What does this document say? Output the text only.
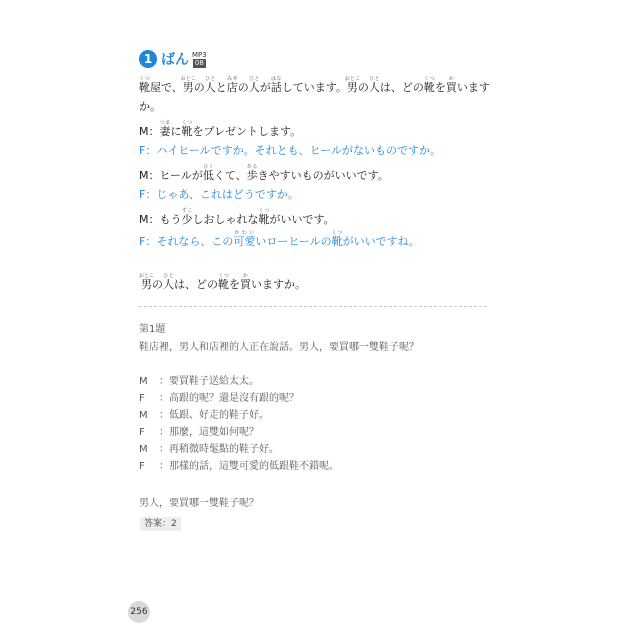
1 ばん MP3
08
靴くつ屋で、男おとこの人ひとと店みせの人ひとが話はなしています。男おとこの人ひとは、どの靴くつを買かいます
か。
M：妻つまに靴くつをプレゼントします。
F：ハイヒールですか。それとも、ヒールがないものですか。
M：ヒールが低ひくくて、歩あるきやすいものがいいです。
F：じゃあ、これはどうですか。
M：もう少すこしおしゃれな靴くつがいいです。
F：それなら、この可愛かわいいローヒールの靴くつがいいですね。
男おとこの人ひとは、どの靴くつを買かいますか。
第1題
鞋店裡，男人和店裡的人正在說話。男人，要買哪一雙鞋子呢？
M ：要買鞋子送給太太。
F ：高跟的呢？還是沒有跟的呢？
M ：低跟、好走的鞋子好。
F ：那麼，這雙如何呢？
M ：再稍微時髦點的鞋子好。
F ：那樣的話，這雙可愛的低跟鞋不錯呢。
男人，要買哪一雙鞋子呢？
答案：2
256
